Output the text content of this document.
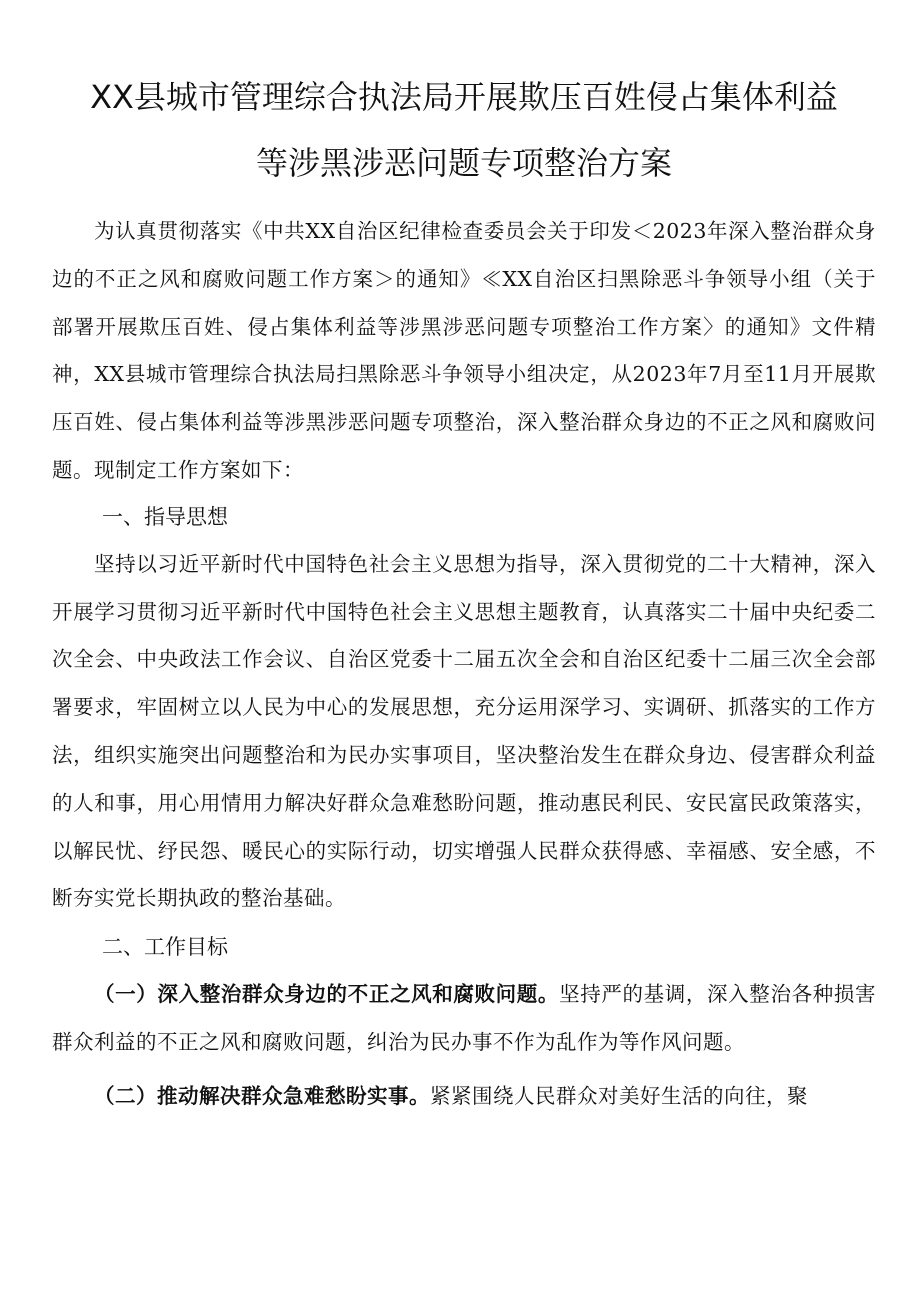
XX县城市管理综合执法局开展欺压百姓侵占集体利益
等涉黑涉恶问题专项整治方案

为认真贯彻落实《中共XX自治区纪律检查委员会关于印发＜2023年深入整治群众身边的不正之风和腐败问题工作方案＞的通知》≪XX自治区扫黑除恶斗争领导小组（关于部署开展欺压百姓、侵占集体利益等涉黑涉恶问题专项整治工作方案〉的通知》文件精神，XX县城市管理综合执法局扫黑除恶斗争领导小组决定，从2023年7月至11月开展欺压百姓、侵占集体利益等涉黑涉恶问题专项整治，深入整治群众身边的不正之风和腐败问题。现制定工作方案如下：

一、指导思想

坚持以习近平新时代中国特色社会主义思想为指导，深入贯彻党的二十大精神，深入开展学习贯彻习近平新时代中国特色社会主义思想主题教育，认真落实二十届中央纪委二次全会、中央政法工作会议、自治区党委十二届五次全会和自治区纪委十二届三次全会部署要求，牢固树立以人民为中心的发展思想，充分运用深学习、实调研、抓落实的工作方法，组织实施突出问题整治和为民办实事项目，坚决整治发生在群众身边、侵害群众利益的人和事，用心用情用力解决好群众急难愁盼问题，推动惠民利民、安民富民政策落实，以解民忧、纾民怨、暖民心的实际行动，切实增强人民群众获得感、幸福感、安全感，不断夯实党长期执政的整治基础。

二、工作目标

（一）深入整治群众身边的不正之风和腐败问题。坚持严的基调，深入整治各种损害群众利益的不正之风和腐败问题，纠治为民办事不作为乱作为等作风问题。

（二）推动解决群众急难愁盼实事。紧紧围绕人民群众对美好生活的向往，聚
